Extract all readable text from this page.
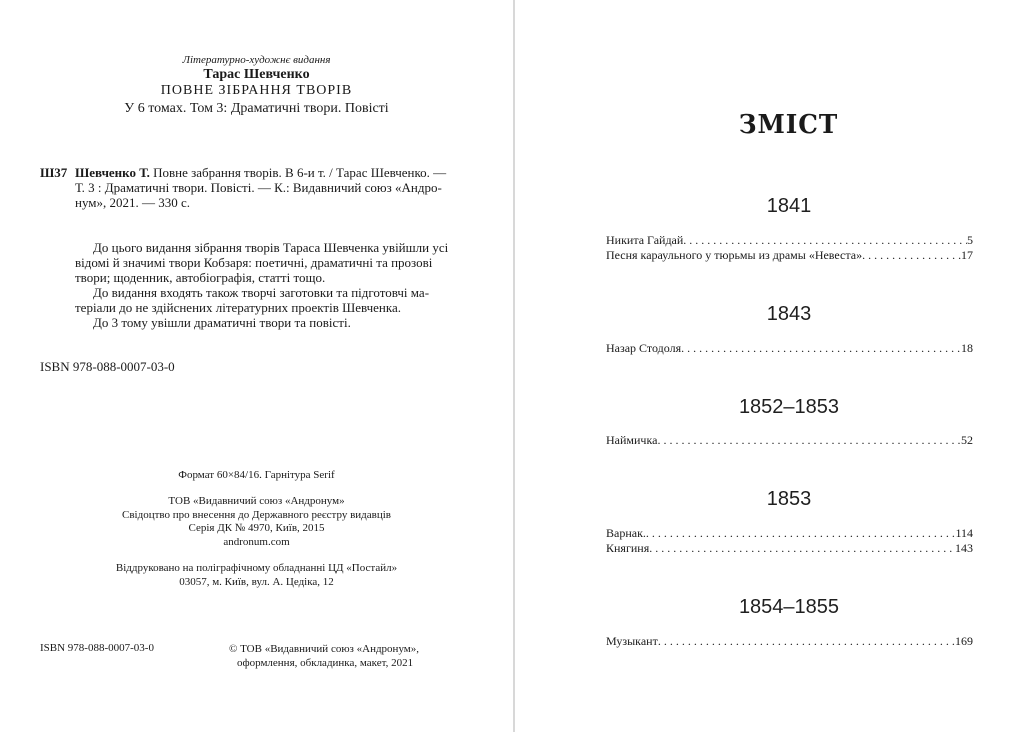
Літературно-художнє видання
Тарас Шевченко
ПОВНЕ ЗІБРАННЯ ТВОРІВ
У 6 томах. Том 3: Драматичні твори. Повісті
Ш37 Шевченко Т. Повне забрання творів. В 6-и т. / Тарас Шевченко. —
Т. 3 : Драматичні твори. Повісті. — К.: Видавничий союз «Андро-
нум», 2021. — 330 с.

До цього видання зібрання творів Тараса Шевченка увійшли усі

відомі й значимі твори Кобзаря: поетичні, драматичні та прозові
твори; щоденник, автобіографія, статті тощо.

До видання входять також творчі заготовки та підготовчі ма-

теріали до не здійснених літературних проектів Шевченка.

До 3 тому увішли драматичні твори та повісті.

ISBN 978-088-0007-03-0
Формат 60×84/16. Гарнітура Serif
ТОВ «Видавничий союз «Андронум»
Свідоцтво про внесення до Державного реєстру видавців
Серія ДК № 4970, Київ, 2015
andronum.com
Віддруковано на поліграфічному обладнанні ЦД «Постайл»
03057, м. Київ, вул. А. Цедіка, 12
ISBN 978-088-0007-03-0	© ТОВ «Видавничий союз «Андронум»,
оформлення, обкладинка, макет, 2021
ЗМІСТ
1841
Никита Гайдай . . .	5
Песня караульного у тюрьмы из драмы «Невеста» . . .	17
1843
Назар Стодоля . . .	18
1852–1853
Наймичка . . .	52
1853
Варнак. . . .	114
Княгиня . . .	143
1854–1855
Музыкант . . .	169
